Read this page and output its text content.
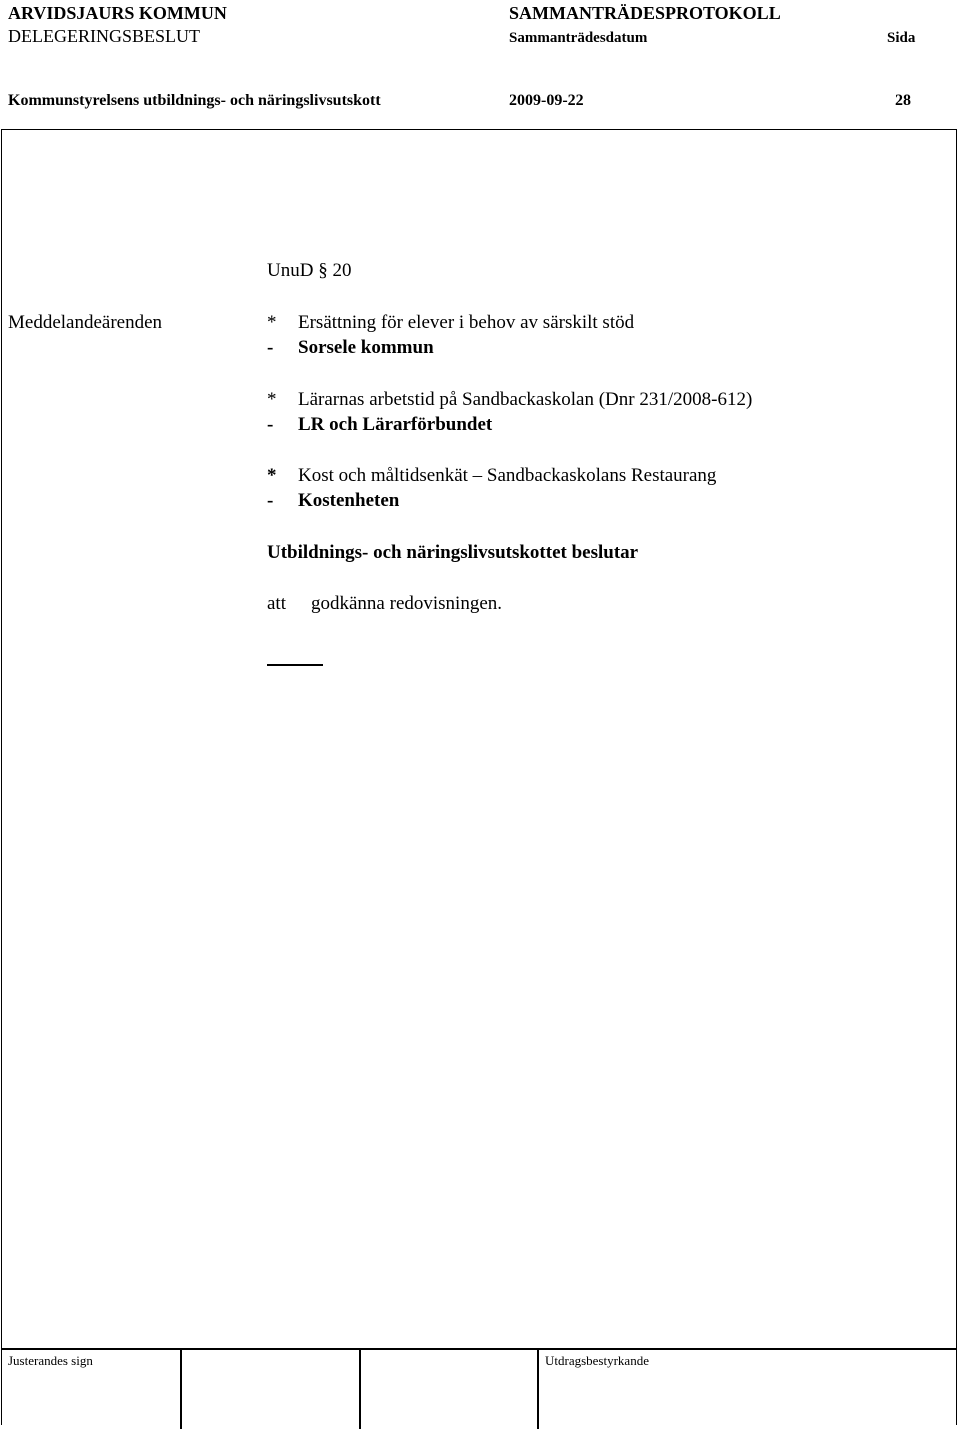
ARVIDSJAURS KOMMUN	SAMMANTRÄDESPROTOKOLL
DELEGERINGSBESLUT	Sammanträdesdatum	Sida
Kommunstyrelsens utbildnings- och näringslivsutskott	2009-09-22	28
UnuD § 20
Meddelandeärenden	* Ersättning för elever i behov av särskilt stöd
- Sorsele kommun
* Lärarnas arbetstid på Sandbackaskolan (Dnr 231/2008-612)
- LR och Lärarförbundet
* Kost och måltidsenkät – Sandbackaskolans Restaurang
- Kostenheten
Utbildnings- och näringslivsutskottet beslutar
att godkänna redovisningen.
Justerandes sign	Utdragsbestyrkande
